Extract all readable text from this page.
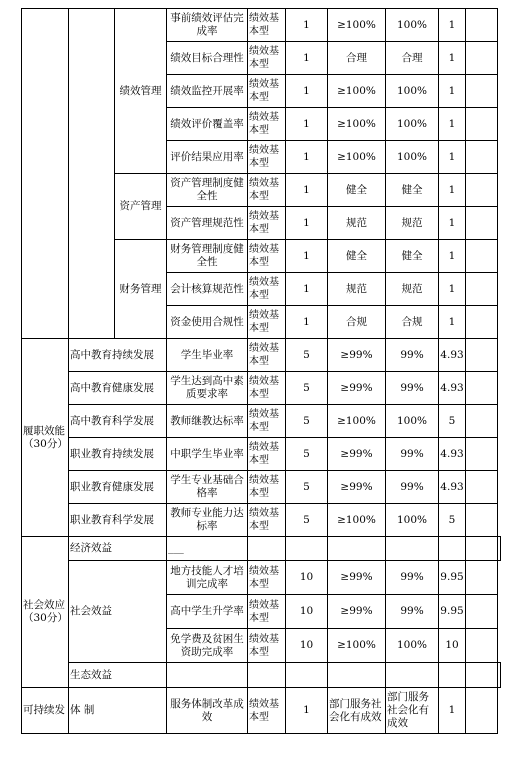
		绩效管理	事前绩效评估完成率	绩效基本型	1	≥100%	100%	1		
			绩效目标合理性	绩效基本型	1	合理	合理	1		
			绩效监控开展率	绩效基本型	1	≥100%	100%	1		
			绩效评价覆盖率	绩效基本型	1	≥100%	100%	1		
			评价结果应用率	绩效基本型	1	≥100%	100%	1		
		资产管理	资产管理制度健全性	绩效基本型	1	健全	健全	1		
			资产管理规范性	绩效基本型	1	规范	规范	1		
		财务管理	财务管理制度健全性	绩效基本型	1	健全	健全	1		
			会计核算规范性	绩效基本型	1	规范	规范	1		
			资金使用合规性	绩效基本型	1	合规	合规	1		
履职效能（30分）	高中教育持续发展		学生毕业率	绩效基本型	5	≥99%	99%	4.93		
	高中教育健康发展		学生达到高中素质要求率	绩效基本型	5	≥99%	99%	4.93		
	高中教育科学发展		教师继教达标率	绩效基本型	5	≥100%	100%	5		
	职业教育持续发展		中职学生毕业率	绩效基本型	5	≥99%	99%	4.93		
	职业教育健康发展		学生专业基础合格率	绩效基本型	5	≥99%	99%	4.93		
	职业教育科学发展		教师专业能力达标率	绩效基本型	5	≥100%	100%	5		
社会效应（30分）	经济效益		___							
	社会效益		地方技能人才培训完成率	绩效基本型	10	≥99%	99%	9.95		
			高中学生升学率	绩效基本型	10	≥99%	99%	9.95		
			免学费及贫困生资助完成率	绩效基本型	10	≥100%	100%	10		
	生态效益									
可持续发	体 制		服务体制改革成效	绩效基本型	1	部门服务社会化有成效	部门服务社会化有成效	1		
